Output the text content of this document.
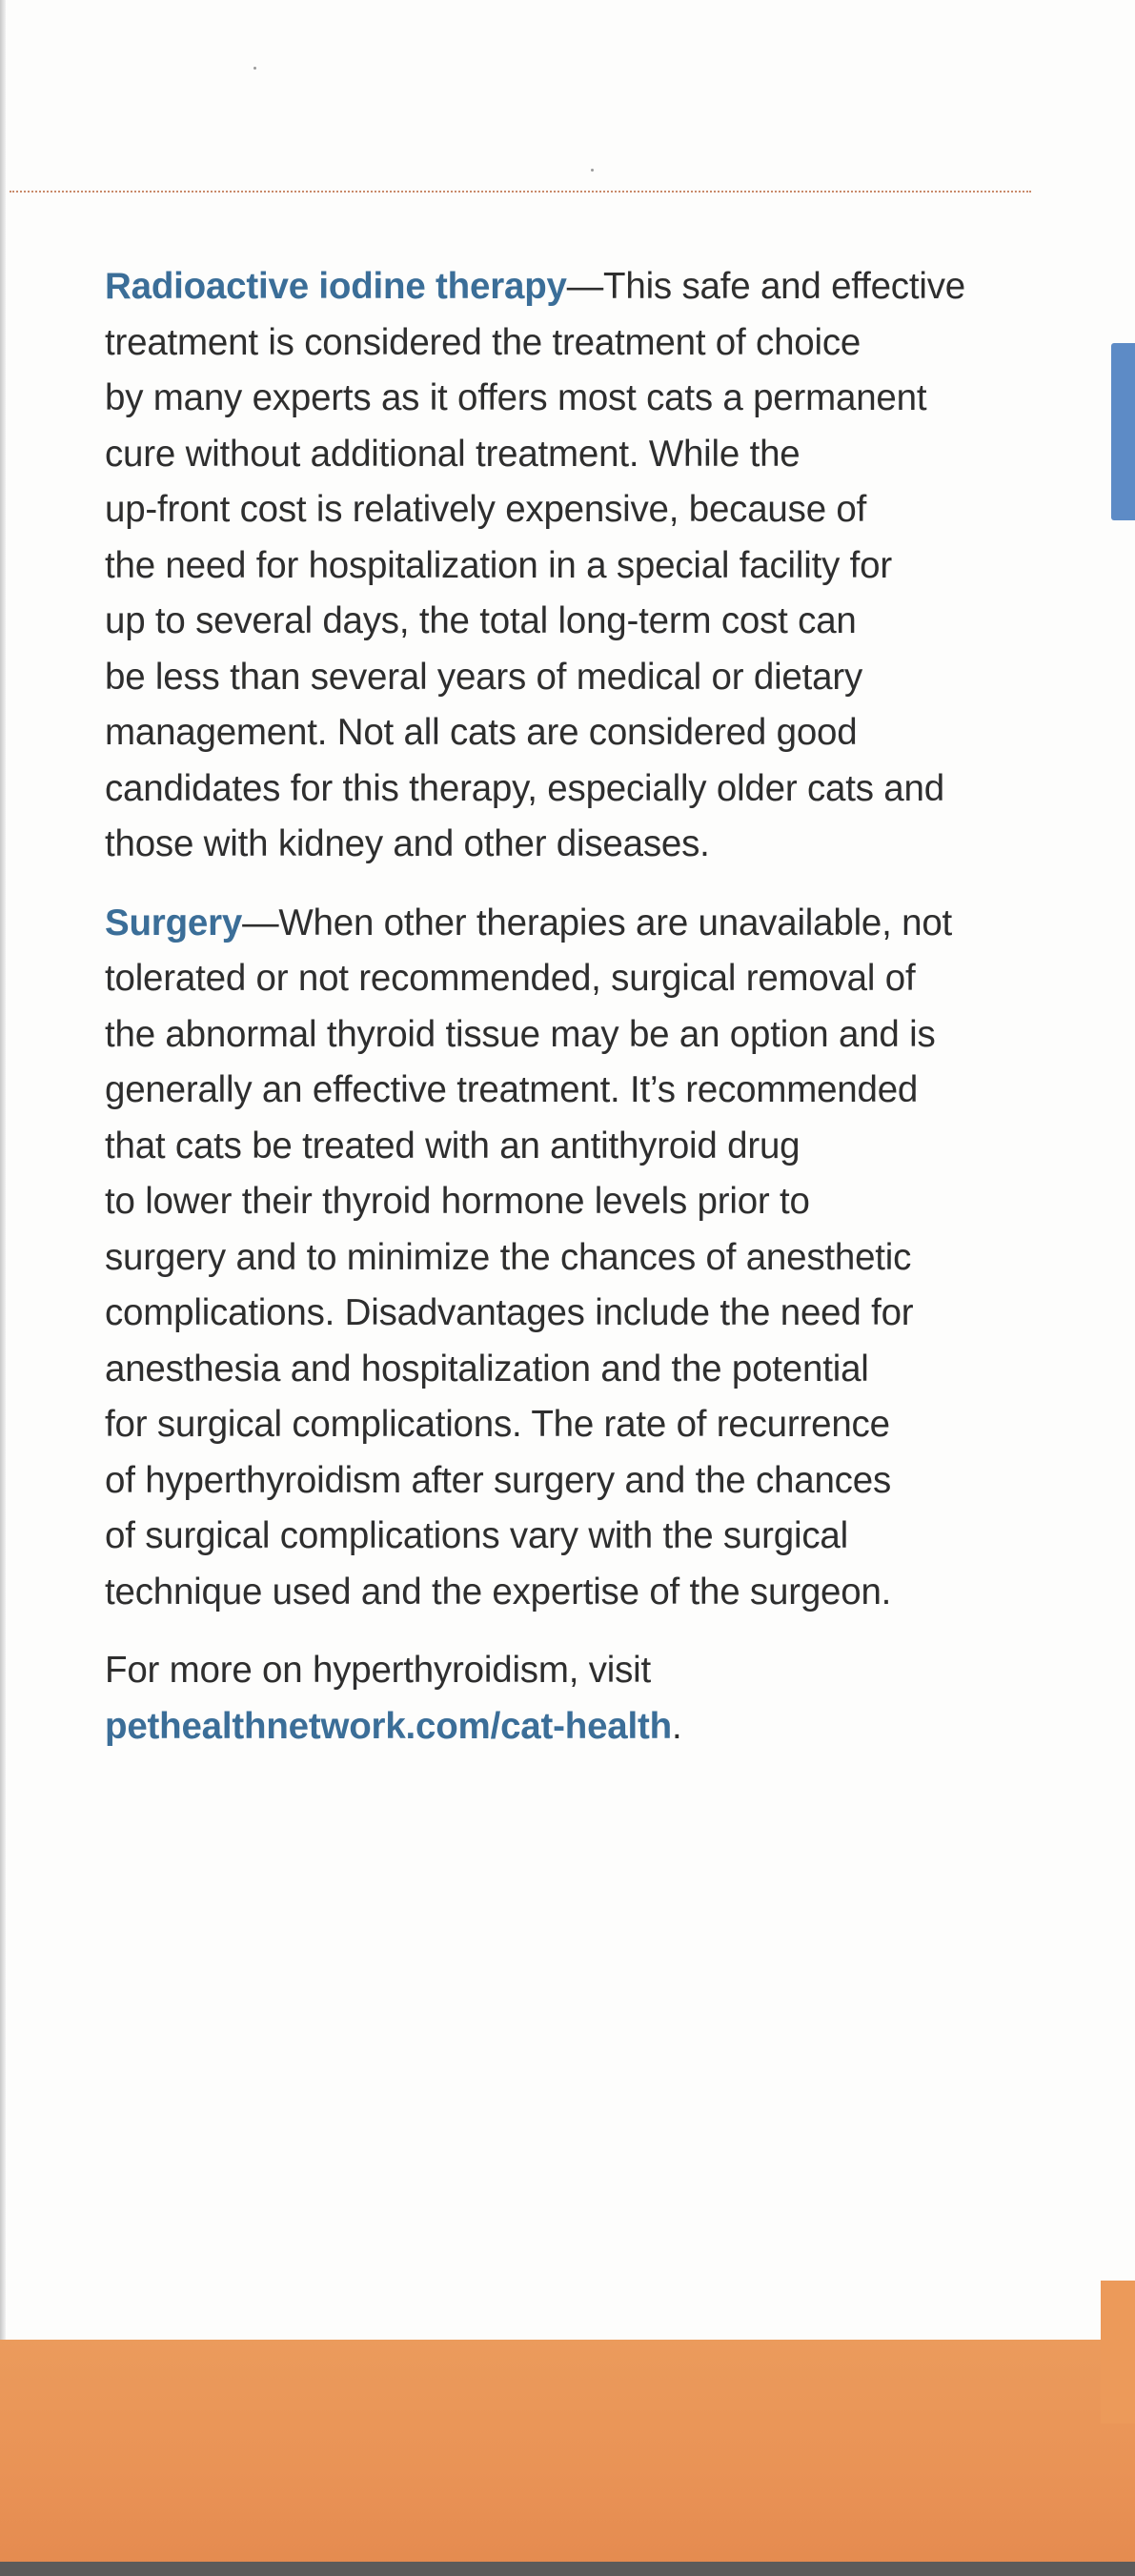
Radioactive iodine therapy—This safe and effective
treatment is considered the treatment of choice
by many experts as it offers most cats a permanent
cure without additional treatment. While the
up-front cost is relatively expensive, because of
the need for hospitalization in a special facility for
up to several days, the total long-term cost can
be less than several years of medical or dietary
management. Not all cats are considered good
candidates for this therapy, especially older cats and
those with kidney and other diseases.
Surgery—When other therapies are unavailable, not
tolerated or not recommended, surgical removal of
the abnormal thyroid tissue may be an option and is
generally an effective treatment. It’s recommended
that cats be treated with an antithyroid drug
to lower their thyroid hormone levels prior to
surgery and to minimize the chances of anesthetic
complications. Disadvantages include the need for
anesthesia and hospitalization and the potential
for surgical complications. The rate of recurrence
of hyperthyroidism after surgery and the chances
of surgical complications vary with the surgical
technique used and the expertise of the surgeon.
For more on hyperthyroidism, visit
pethealthnetwork.com/cat-health.
